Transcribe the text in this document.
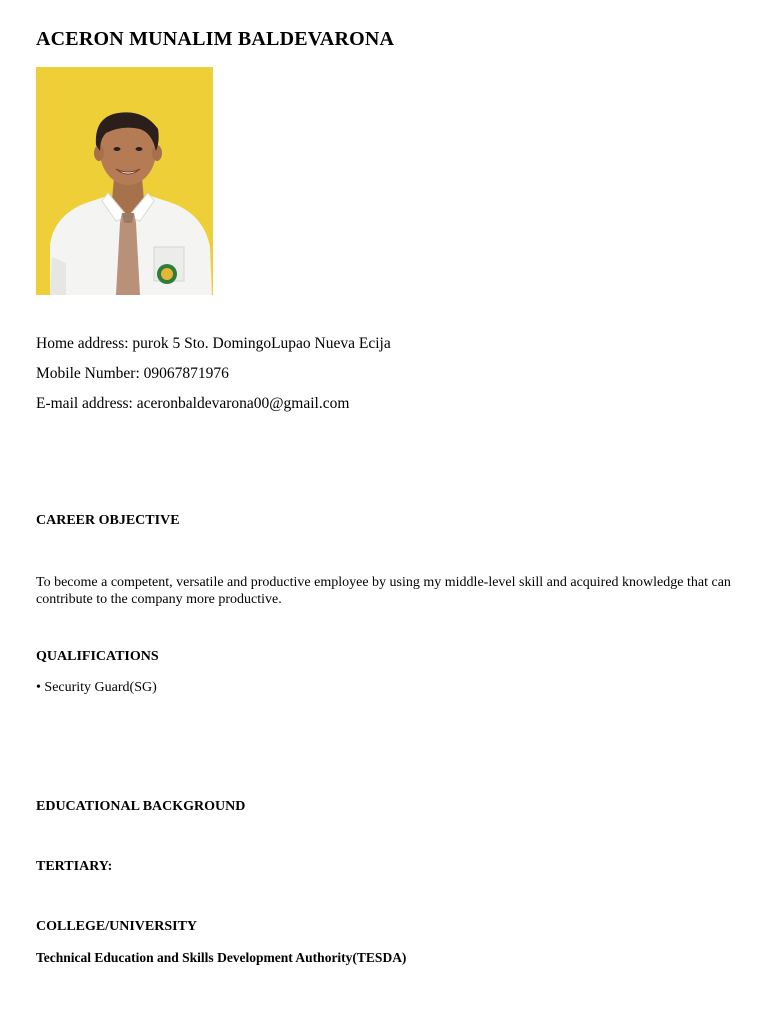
ACERON MUNALIM BALDEVARONA
Home address: purok 5 Sto. DomingoLupao Nueva Ecija
Mobile Number: 09067871976
E-mail address: aceronbaldevarona00@gmail.com
CAREER OBJECTIVE
To become a competent, versatile and productive employee by using my middle-level skill and acquired knowledge that can contribute to the company more productive.
QUALIFICATIONS
• Security Guard(SG)
EDUCATIONAL BACKGROUND
TERTIARY:
COLLEGE/UNIVERSITY
Technical Education and Skills Development Authority(TESDA)
